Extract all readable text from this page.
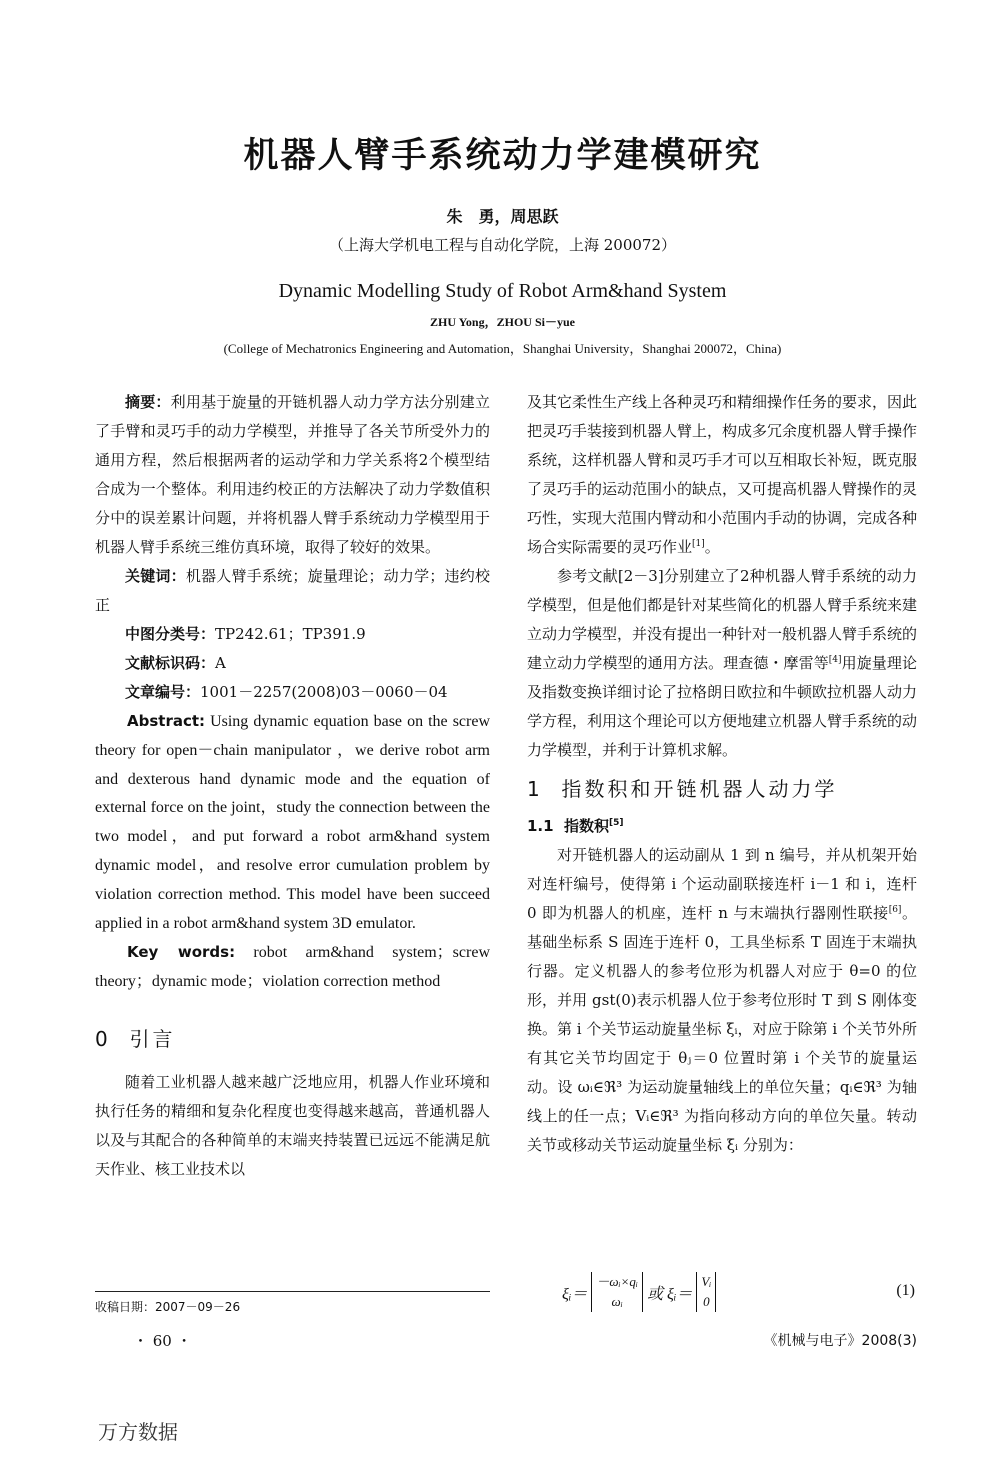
机器人臂手系统动力学建模研究
朱　勇，周思跃
（上海大学机电工程与自动化学院，上海 200072）
Dynamic Modelling Study of Robot Arm&hand System
ZHU Yong，ZHOU Si－yue
(College of Mechatronics Engineering and Automation，Shanghai University，Shanghai 200072，China)

摘要：利用基于旋量的开链机器人动力学方法分别建立了手臂和灵巧手的动力学模型，并推导了各关节所受外力的通用方程，然后根据两者的运动学和力学关系将2个模型结合成为一个整体。利用违约校正的方法解决了动力学数值积分中的误差累计问题，并将机器人臂手系统动力学模型用于机器人臂手系统三维仿真环境，取得了较好的效果。

关键词：机器人臂手系统；旋量理论；动力学；违约校正

中图分类号：TP242.61；TP391.9

文献标识码：A

文章编号：1001－2257(2008)03－0060－04

Abstract: Using dynamic equation base on the screw theory for open－chain manipulator ，we derive robot arm and dexterous hand dynamic mode and the equation of external force on the joint，study the connection between the two model，and put forward a robot arm&hand system dynamic model，and resolve error cumulation problem by violation correction method. This model have been succeed applied in a robot arm&hand system 3D emulator.

Key words: robot arm&hand system；screw theory；dynamic mode；violation correction method

0 引言

随着工业机器人越来越广泛地应用，机器人作业环境和执行任务的精细和复杂化程度也变得越来越高，普通机器人以及与其配合的各种简单的末端夹持装置已远远不能满足航天作业、核工业技术以

收稿日期：2007－09－26
・ 60 ・

及其它柔性生产线上各种灵巧和精细操作任务的要求，因此把灵巧手装接到机器人臂上，构成多冗余度机器人臂手操作系统，这样机器人臂和灵巧手才可以互相取长补短，既克服了灵巧手的运动范围小的缺点，又可提高机器人臂操作的灵巧性，实现大范围内臂动和小范围内手动的协调，完成各种场合实际需要的灵巧作业[1]。

参考文献[2－3]分别建立了2种机器人臂手系统的动力学模型，但是他们都是针对某些简化的机器人臂手系统来建立动力学模型，并没有提出一种针对一般机器人臂手系统的建立动力学模型的通用方法。理查德・摩雷等[4]用旋量理论及指数变换详细讨论了拉格朗日欧拉和牛顿欧拉机器人动力学方程，利用这个理论可以方便地建立机器人臂手系统的动力学模型，并利于计算机求解。

1 指数积和开链机器人动力学

1.1 指数积[5]

对开链机器人的运动副从 1 到 n 编号，并从机架开始对连杆编号，使得第 i 个运动副联接连杆 i－1 和 i，连杆 0 即为机器人的机座，连杆 n 与末端执行器刚性联接[6]。基础坐标系 S 固连于连杆 0，工具坐标系 T 固连于末端执行器。定义机器人的参考位形为机器人对应于 θ=0 的位形，并用 gst(0)表示机器人位于参考位形时 T 到 S 刚体变换。第 i 个关节运动旋量坐标 ξᵢ，对应于除第 i 个关节外所有其它关节均固定于 θⱼ＝0 位置时第 i 个关节的旋量运动。设 ωᵢ∈ℜ³ 为运动旋量轴线上的单位矢量；qᵢ∈ℜ³ 为轴线上的任一点；Vᵢ∈ℜ³ 为指向移动方向的单位矢量。转动关节或移动关节运动旋量坐标 ξᵢ 分别为：

ξᵢ＝
－ωᵢ×qᵢ
ωᵢ	或 ξᵢ＝
Vᵢ
0
(1)
《机械与电子》2008(3)
万方数据
